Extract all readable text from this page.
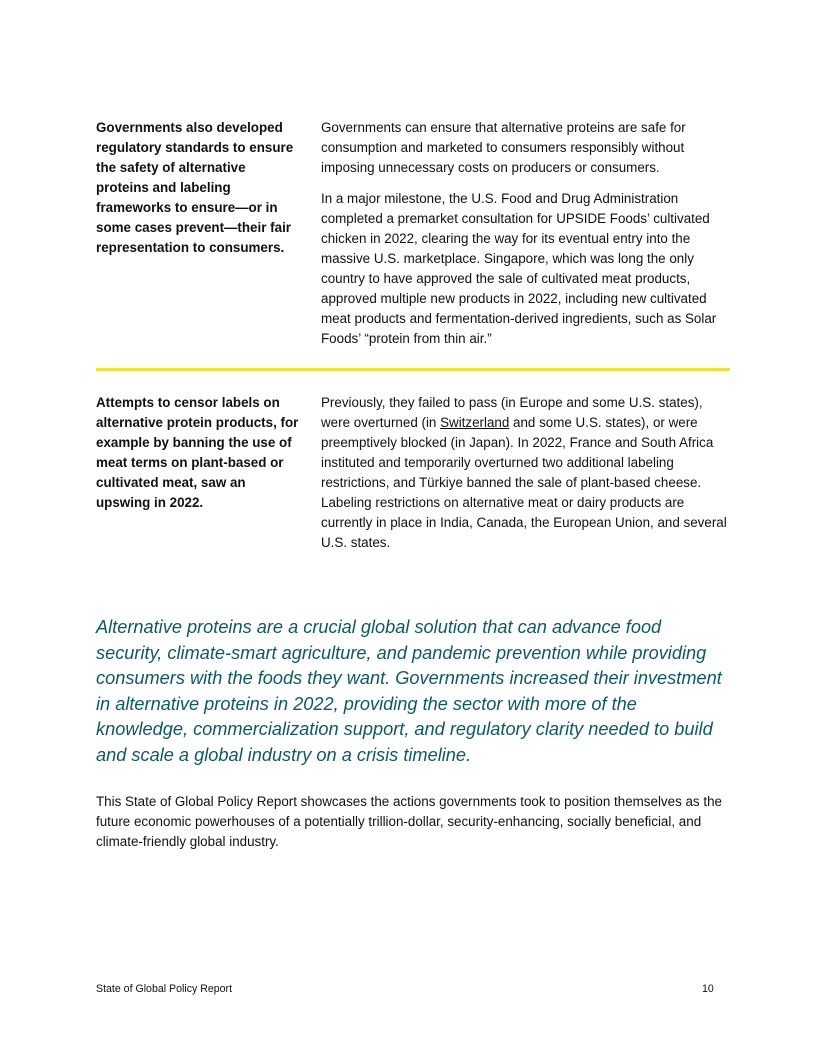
Governments also developed regulatory standards to ensure the safety of alternative proteins and labeling frameworks to ensure—or in some cases prevent—their fair representation to consumers.

Governments can ensure that alternative proteins are safe for consumption and marketed to consumers responsibly without imposing unnecessary costs on producers or consumers.

In a major milestone, the U.S. Food and Drug Administration completed a premarket consultation for UPSIDE Foods’ cultivated chicken in 2022, clearing the way for its eventual entry into the massive U.S. marketplace. Singapore, which was long the only country to have approved the sale of cultivated meat products, approved multiple new products in 2022, including new cultivated meat products and fermentation-derived ingredients, such as Solar Foods’ “protein from thin air.”

Attempts to censor labels on alternative protein products, for example by banning the use of meat terms on plant-based or cultivated meat, saw an upswing in 2022.

Previously, they failed to pass (in Europe and some U.S. states), were overturned (in Switzerland and some U.S. states), or were preemptively blocked (in Japan). In 2022, France and South Africa instituted and temporarily overturned two additional labeling restrictions, and Türkiye banned the sale of plant-based cheese. Labeling restrictions on alternative meat or dairy products are currently in place in India, Canada, the European Union, and several U.S. states.

Alternative proteins are a crucial global solution that can advance food security, climate-smart agriculture, and pandemic prevention while providing consumers with the foods they want. Governments increased their investment in alternative proteins in 2022, providing the sector with more of the knowledge, commercialization support, and regulatory clarity needed to build and scale a global industry on a crisis timeline.
This State of Global Policy Report showcases the actions governments took to position themselves as the future economic powerhouses of a potentially trillion-dollar, security-enhancing, socially beneficial, and climate-friendly global industry.
State of Global Policy Report	10
